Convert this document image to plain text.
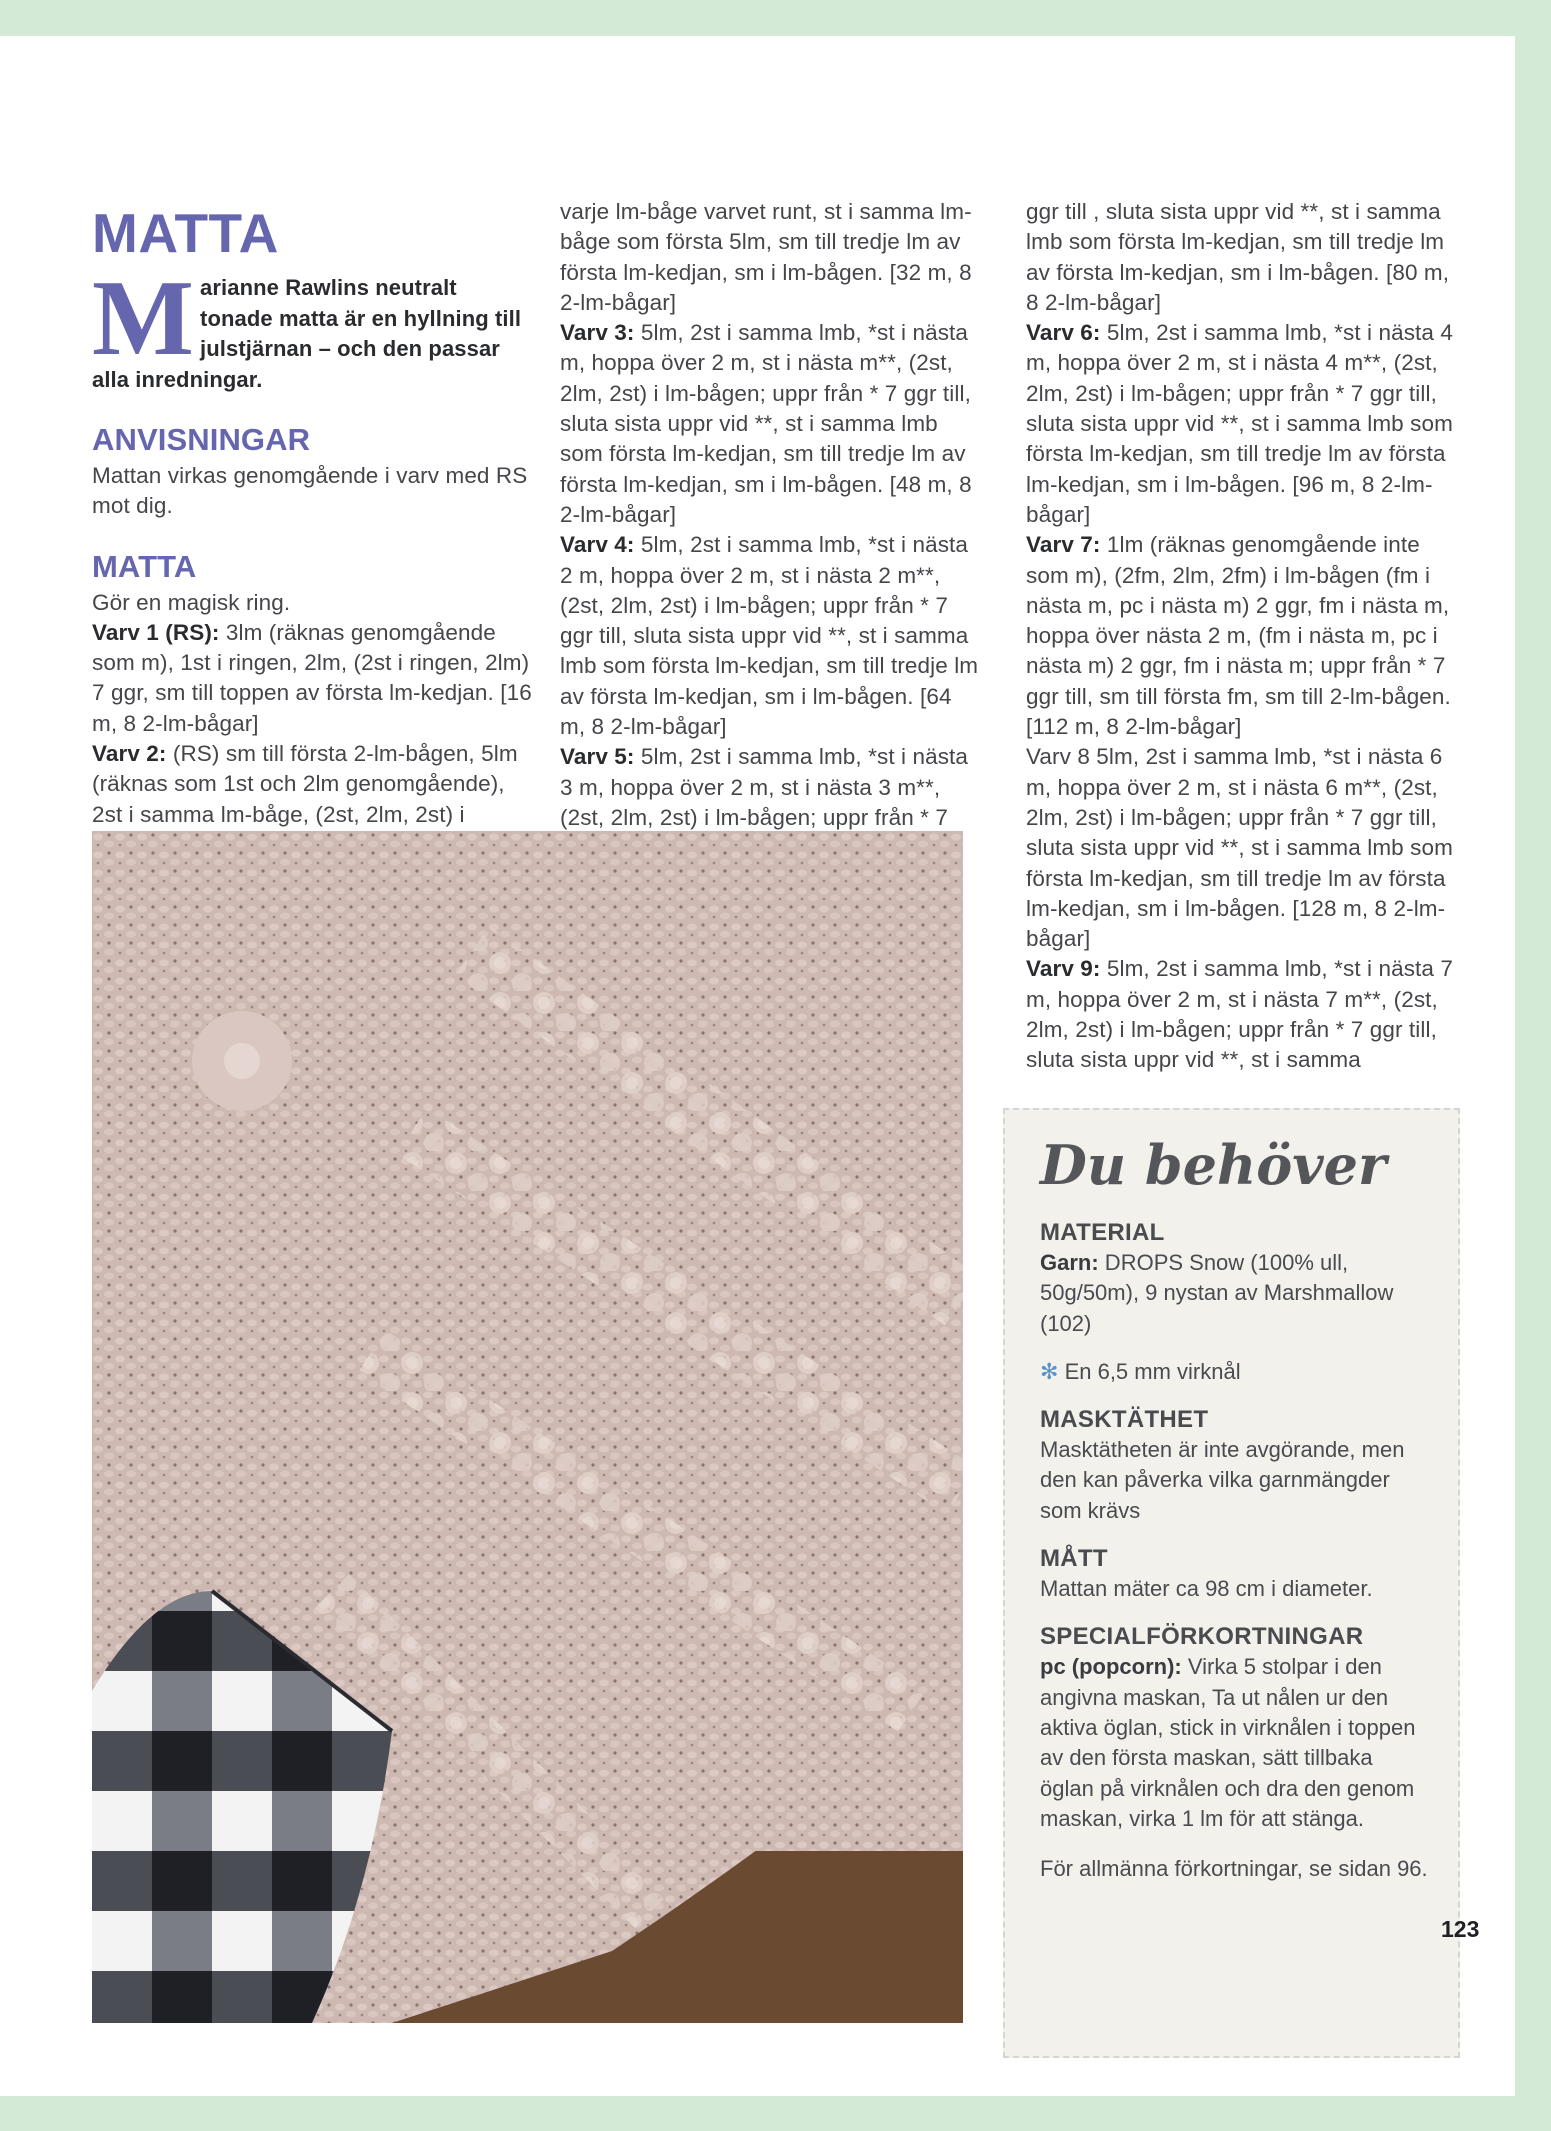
MATTA

Marianne Rawlins neutralt tonade matta är en hyllning till julstjärnan – och den passar alla inredningar.

ANVISNINGAR

Mattan virkas genomgående i varv med RS mot dig.

MATTA

Gör en magisk ring.

Varv 1 (RS): 3lm (räknas genomgående som m), 1st i ringen, 2lm, (2st i ringen, 2lm) 7 ggr, sm till toppen av första lm-kedjan. [16 m, 8 2-lm-bågar]

Varv 2: (RS) sm till första 2-lm-bågen, 5lm (räknas som 1st och 2lm genomgående), 2st i samma lm-båge, (2st, 2lm, 2st) i

varje lm-båge varvet runt, st i samma lm-båge som första 5lm, sm till tredje lm av första lm-kedjan, sm i lm-bågen. [32 m, 8 2-lm-bågar]

Varv 3: 5lm, 2st i samma lmb, *st i nästa m, hoppa över 2 m, st i nästa m**, (2st, 2lm, 2st) i lm-bågen; uppr från * 7 ggr till, sluta sista uppr vid **, st i samma lmb som första lm-kedjan, sm till tredje lm av första lm-kedjan, sm i lm-bågen. [48 m, 8 2-lm-bågar]

Varv 4: 5lm, 2st i samma lmb, *st i nästa 2 m, hoppa över 2 m, st i nästa 2 m**, (2st, 2lm, 2st) i lm-bågen; uppr från * 7 ggr till, sluta sista uppr vid **, st i samma lmb som första lm-kedjan, sm till tredje lm av första lm-kedjan, sm i lm-bågen. [64 m, 8 2-lm-bågar]

Varv 5: 5lm, 2st i samma lmb, *st i nästa 3 m, hoppa över 2 m, st i nästa 3 m**, (2st, 2lm, 2st) i lm-bågen; uppr från * 7

ggr till , sluta sista uppr vid **, st i samma lmb som första lm-kedjan, sm till tredje lm av första lm-kedjan, sm i lm-bågen. [80 m, 8 2-lm-bågar]

Varv 6: 5lm, 2st i samma lmb, *st i nästa 4 m, hoppa över 2 m, st i nästa 4 m**, (2st, 2lm, 2st) i lm-bågen; uppr från * 7 ggr till, sluta sista uppr vid **, st i samma lmb som första lm-kedjan, sm till tredje lm av första lm-kedjan, sm i lm-bågen. [96 m, 8 2-lm-bågar]

Varv 7: 1lm (räknas genomgående inte som m), (2fm, 2lm, 2fm) i lm-bågen (fm i nästa m, pc i nästa m) 2 ggr, fm i nästa m, hoppa över nästa 2 m, (fm i nästa m, pc i nästa m) 2 ggr, fm i nästa m; uppr från * 7 ggr till, sm till första fm, sm till 2-lm-bågen. [112 m, 8 2-lm-bågar]

Varv 8 5lm, 2st i samma lmb, *st i nästa 6 m, hoppa över 2 m, st i nästa 6 m**, (2st, 2lm, 2st) i lm-bågen; uppr från * 7 ggr till, sluta sista uppr vid **, st i samma lmb som första lm-kedjan, sm till tredje lm av första lm-kedjan, sm i lm-bågen. [128 m, 8 2-lm-bågar]

Varv 9: 5lm, 2st i samma lmb, *st i nästa 7 m, hoppa över 2 m, st i nästa 7 m**, (2st, 2lm, 2st) i lm-bågen; uppr från * 7 ggr till, sluta sista uppr vid **, st i samma

Du behöver
MATERIAL

Garn: DROPS Snow (100% ull, 50g/50m), 9 nystan av Marshmallow (102)

✻ En 6,5 mm virknål

MASKTÄTHET

Masktätheten är inte avgörande, men den kan påverka vilka garnmängder som krävs

MÅTT

Mattan mäter ca 98 cm i diameter.

SPECIALFÖRKORTNINGAR

pc (popcorn): Virka 5 stolpar i den angivna maskan, Ta ut nålen ur den aktiva öglan, stick in virknålen i toppen av den första maskan, sätt tillbaka öglan på virknålen och dra den genom maskan, virka 1 lm för att stänga.

För allmänna förkortningar, se sidan 96.

123
